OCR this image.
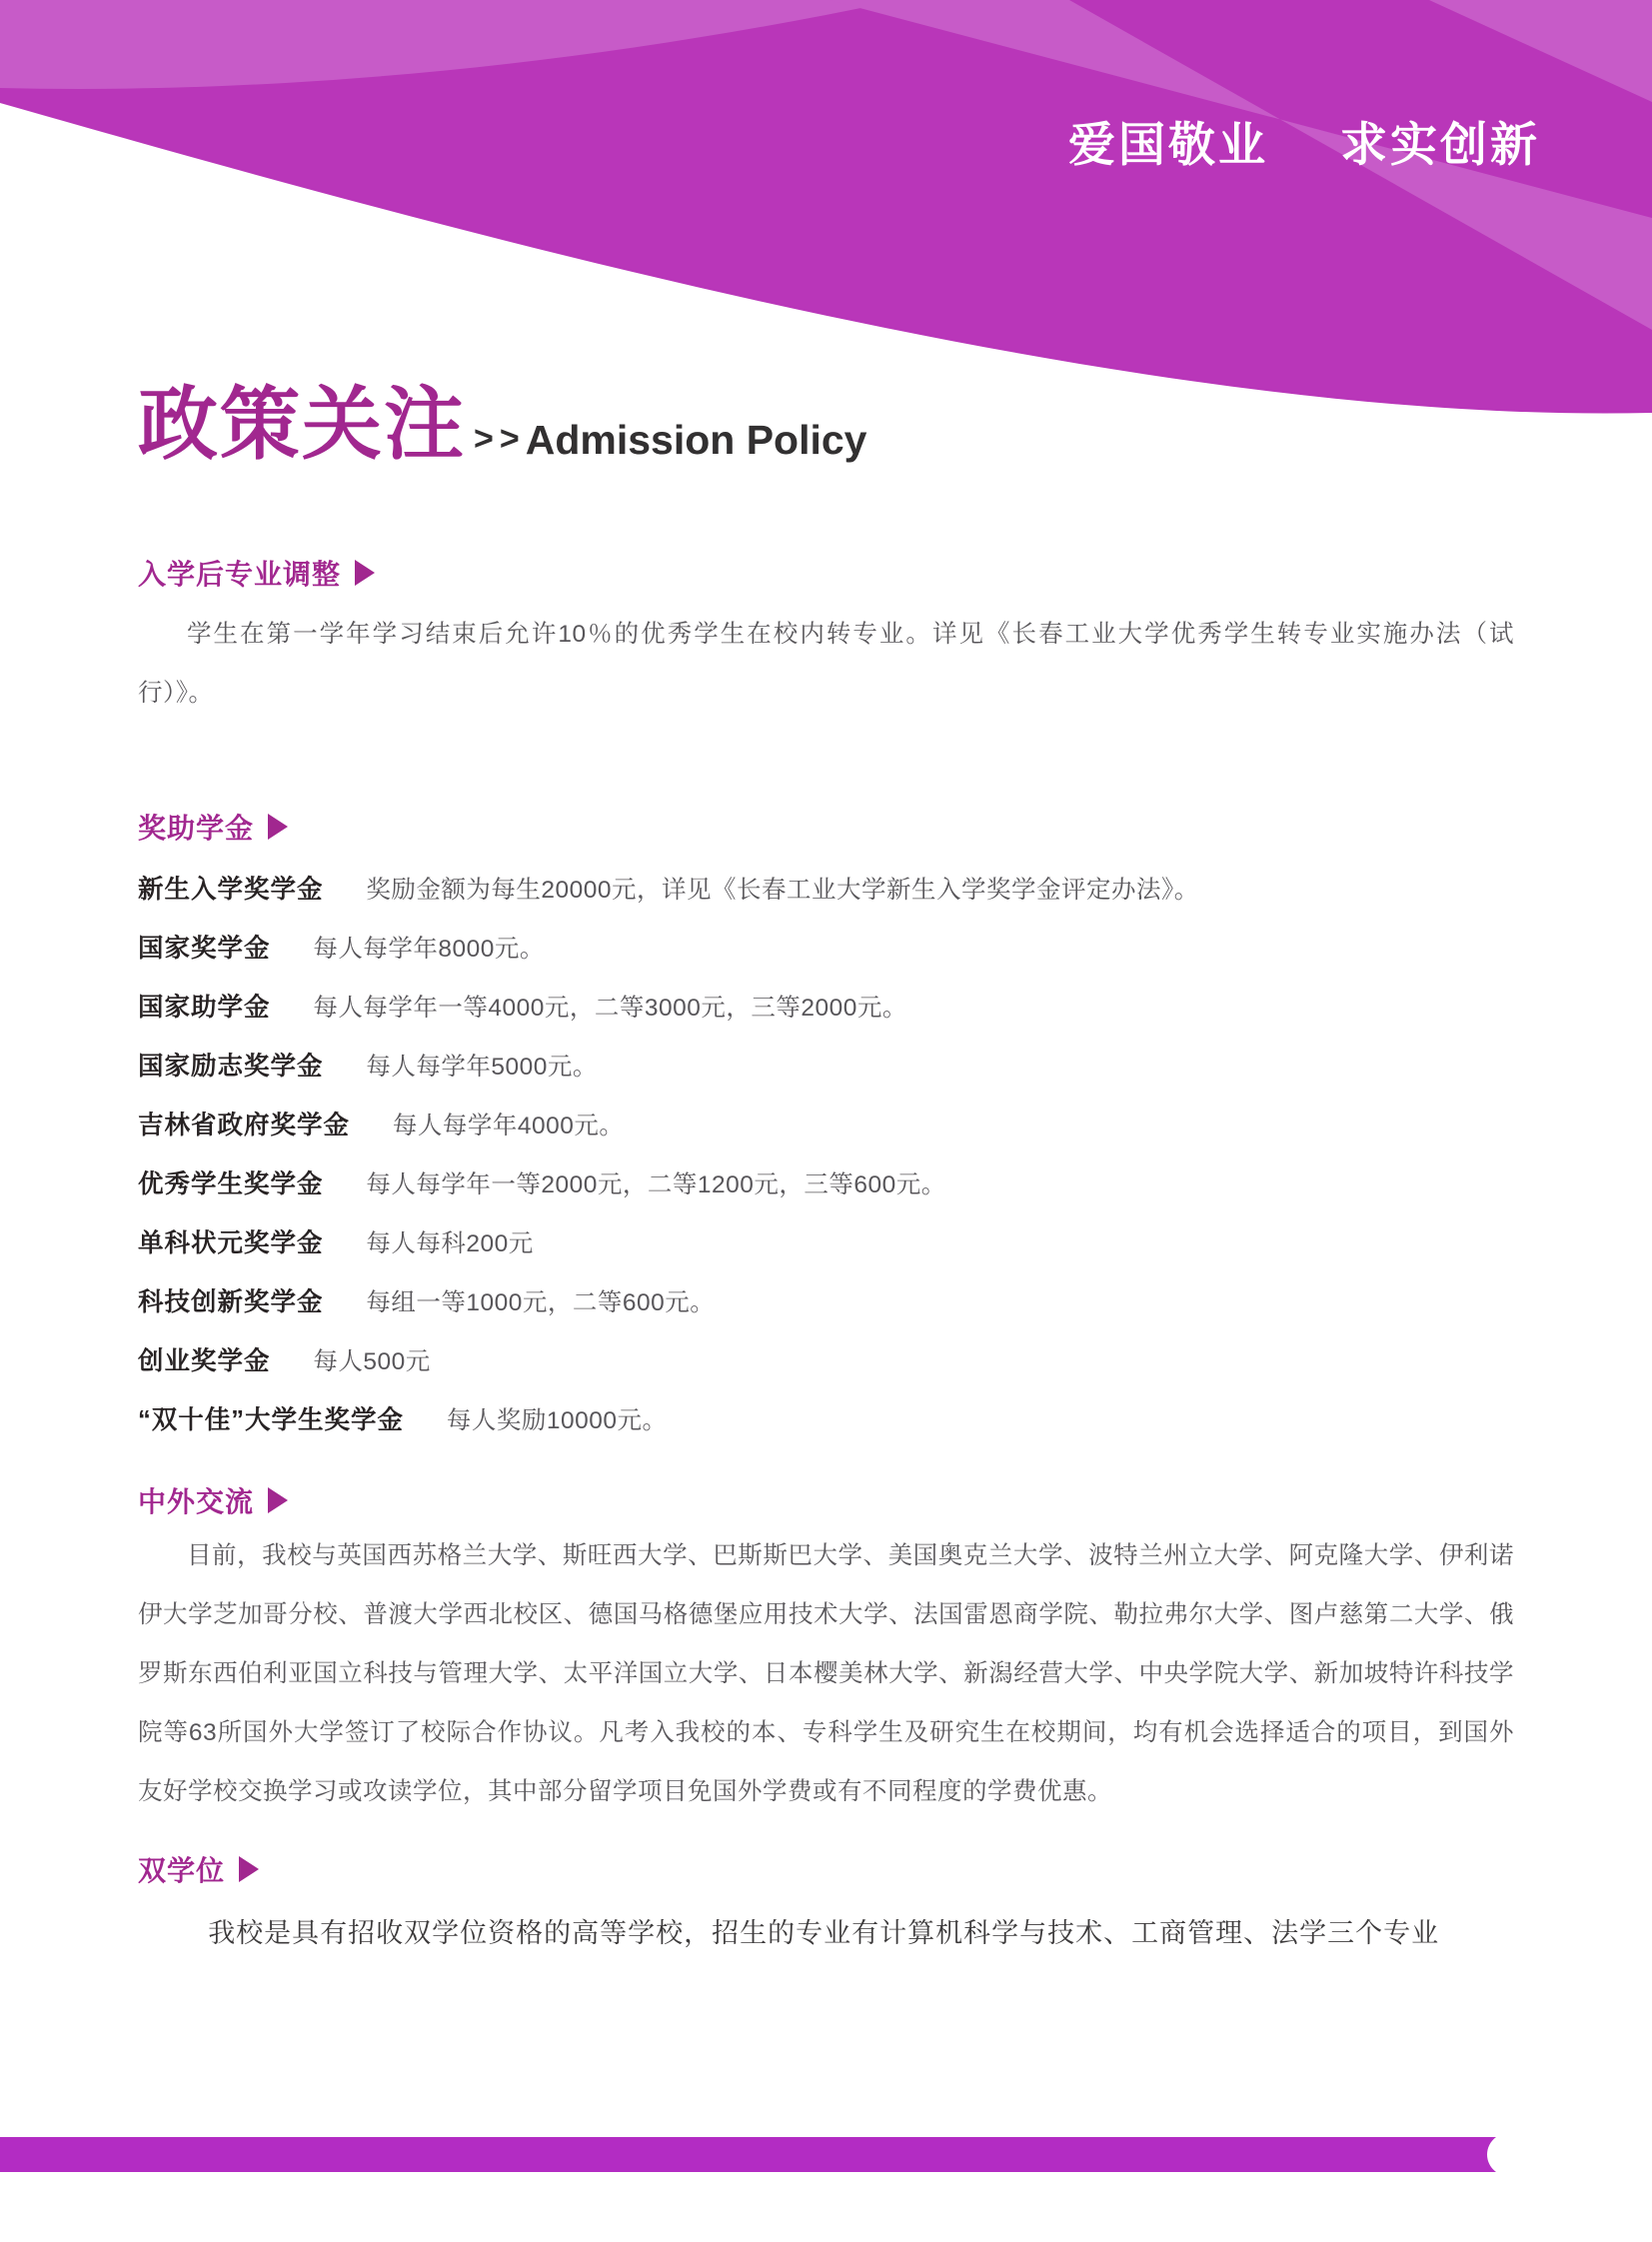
爱国敬业 求实创新
政策关注 >> Admission Policy
入学后专业调整

学生在第一学年学习结束后允许10％的优秀学生在校内转专业。详见《长春工业大学优秀学生转专业实施办法（试行）》。

奖助学金
新生入学奖学金 奖励金额为每生20000元，详见《长春工业大学新生入学奖学金评定办法》。
国家奖学金 每人每学年8000元。
国家助学金 每人每学年一等4000元，二等3000元，三等2000元。
国家励志奖学金 每人每学年5000元。
吉林省政府奖学金 每人每学年4000元。
优秀学生奖学金 每人每学年一等2000元，二等1200元，三等600元。
单科状元奖学金 每人每科200元
科技创新奖学金 每组一等1000元，二等600元。
创业奖学金 每人500元
“双十佳”大学生奖学金 每人奖励10000元。
中外交流

目前，我校与英国西苏格兰大学、斯旺西大学、巴斯斯巴大学、美国奥克兰大学、波特兰州立大学、阿克隆大学、伊利诺伊大学芝加哥分校、普渡大学西北校区、德国马格德堡应用技术大学、法国雷恩商学院、勒拉弗尔大学、图卢慈第二大学、俄罗斯东西伯利亚国立科技与管理大学、太平洋国立大学、日本樱美林大学、新潟经营大学、中央学院大学、新加坡特许科技学院等63所国外大学签订了校际合作协议。凡考入我校的本、专科学生及研究生在校期间，均有机会选择适合的项目，到国外友好学校交换学习或攻读学位，其中部分留学项目免国外学费或有不同程度的学费优惠。

双学位

我校是具有招收双学位资格的高等学校，招生的专业有计算机科学与技术、工商管理、法学三个专业
